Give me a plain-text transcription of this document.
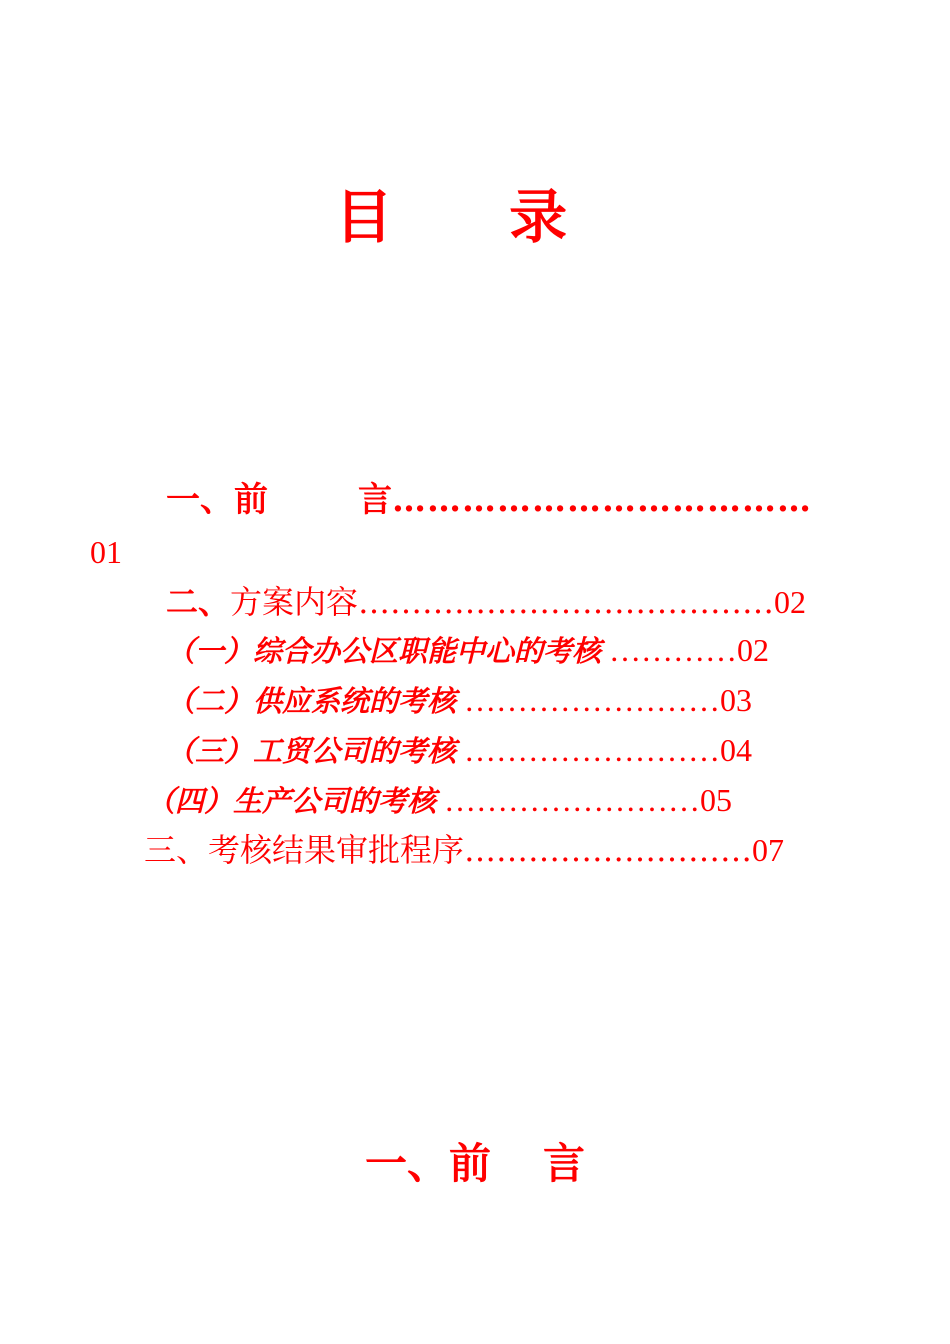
目 录
一、前	言………………………………
01
二、方案内容…………………………………02
（一）综合办公区职能中心的考核 …………02
（二）供应系统的考核 ……………………03
（三）工贸公司的考核 ……………………04
（四）生产公司的考核 ……………………05
三、考核结果审批程序………………………07
一、前 言
